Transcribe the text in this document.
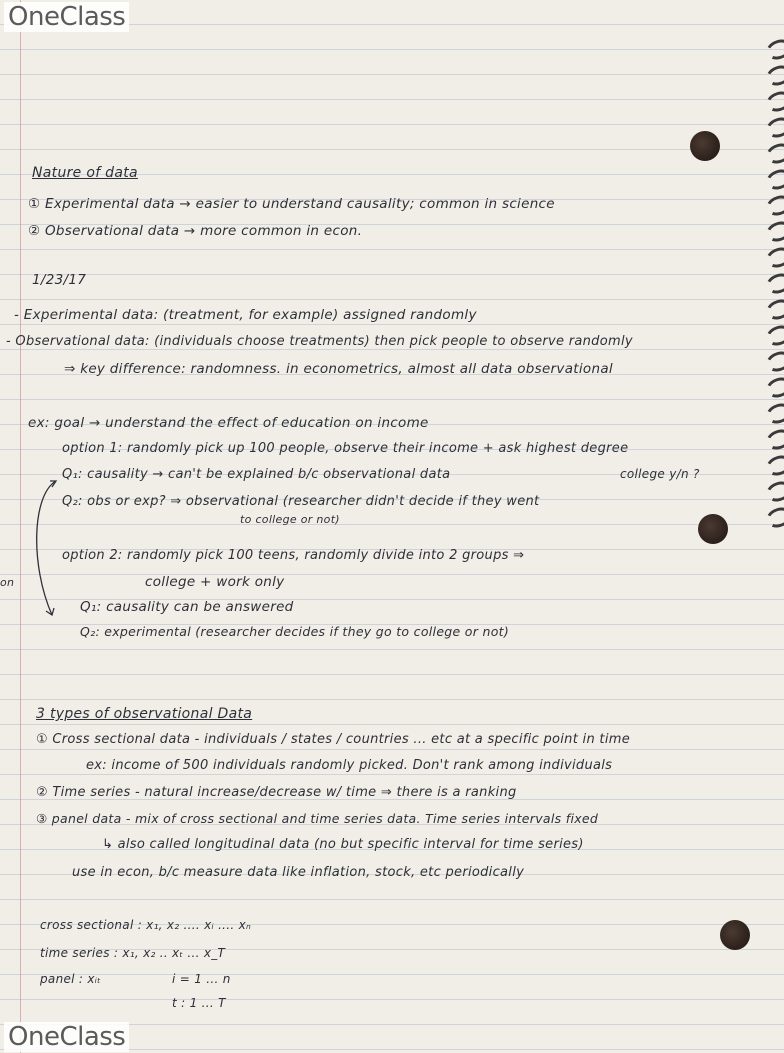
OneClass
OneClass
Nature of data
① Experimental data → easier to understand causality; common in science
② Observational data → more common in econ.
1/23/17
- Experimental data: (treatment, for example) assigned randomly
- Observational data: (individuals choose treatments) then pick people to observe randomly
⇒ key difference: randomness. in econometrics, almost all data observational
ex: goal → understand the effect of education on income
option 1: randomly pick up 100 people, observe their income + ask highest degree
Q₁: causality → can't be explained b/c observational data	college y/n ?
Q₂: obs or exp? ⇒ observational (researcher didn't decide if they went
to college or not)
option 2: randomly pick 100 teens, randomly divide into 2 groups ⇒
college + work only
Q₁: causality can be answered
Q₂: experimental (researcher decides if they go to college or not)
on
3 types of observational Data
① Cross sectional data - individuals / states / countries ... etc at a specific point in time
ex: income of 500 individuals randomly picked. Don't rank among individuals
② Time series - natural increase/decrease w/ time ⇒ there is a ranking
③ panel data - mix of cross sectional and time series data. Time series intervals fixed
↳ also called longitudinal data (no but specific interval for time series)
use in econ, b/c measure data like inflation, stock, etc periodically
cross sectional : x₁, x₂ .... xᵢ .... xₙ
time series : x₁, x₂ .. xₜ ... x_T
panel : xᵢₜ	i = 1 ... n
t : 1 ... T
